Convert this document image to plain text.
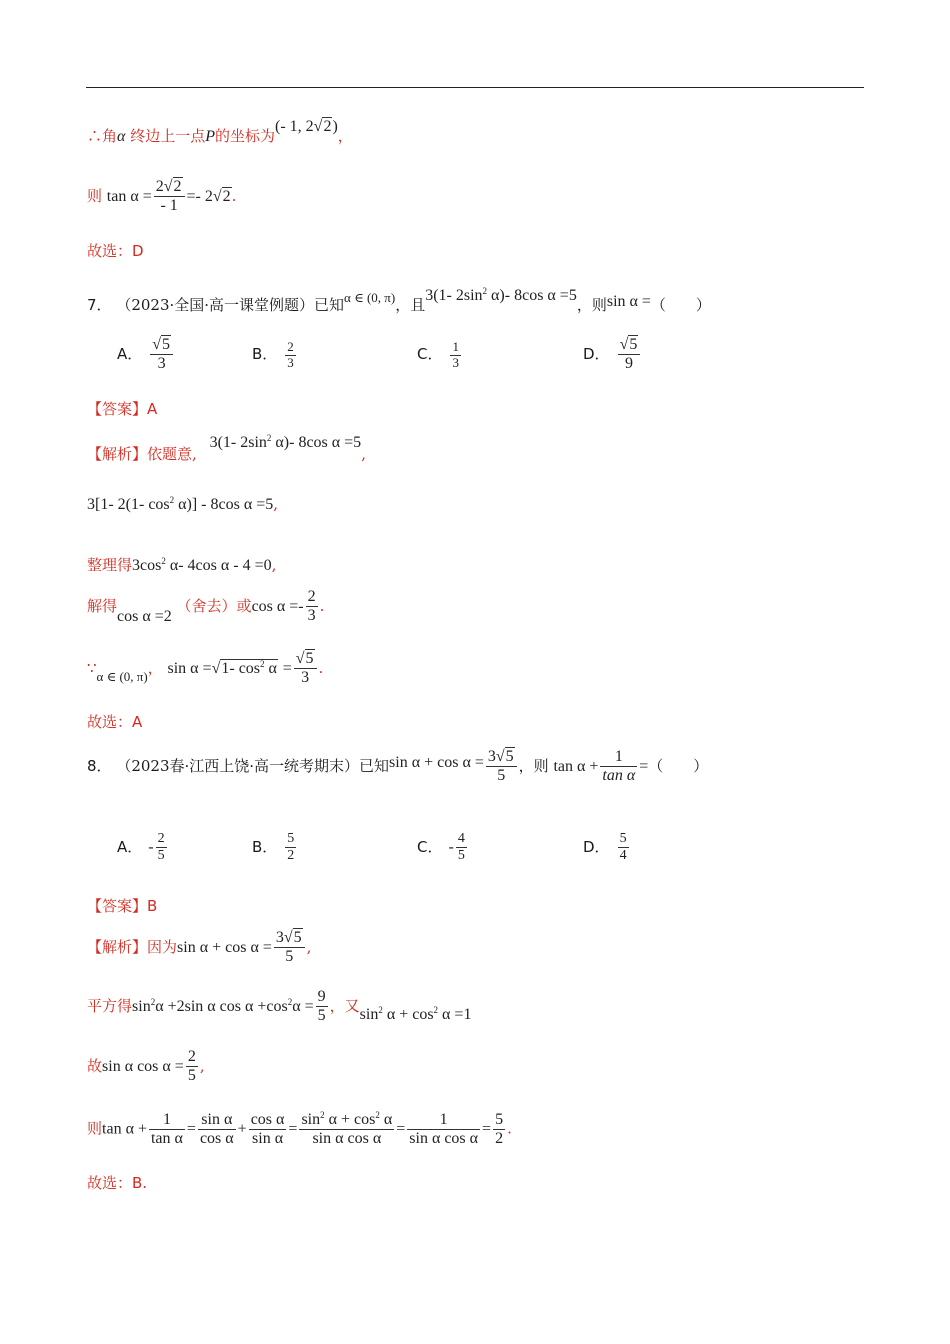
∴角α 终边上一点P的坐标为(- 1, 2√2)，
则 $\tan \alpha = \frac{2√2}{- 1} =- 2√2$.
故选：D
7． （2023·全国·高一课堂例题）已知α ∈ (0, π)，且3(1- $2\sin^2$ α)- 8cos α =5，则sin α =（　　）
A． $\frac{√5}{3}$	B． $\frac{2}{3}$	C． $\frac{1}{3}$	D． $\frac{√5}{9}$
【答案】A
【解析】依题意, 3(1- $2\sin^2$ α)- 8cos α =5,
3[1- 2(1- $\cos^2 \alpha)] - 8\cos$ α =5,
整理得$3\cos^2$ α- 4cos α - 4 =0,
解得cos α =2 （舍去）或$\cos \alpha =- \frac{2}{3}$ .
∵α ∈ (0, π)， sin α =√1- $\cos^2 \alpha = \frac{√5}{3}$ .
故选：A
8． （2023春·江西上饶·高一统考期末）已知$\sin \alpha + \cos \alpha = \frac{3√5}{5}$ ，则 $\tan \alpha + \frac{1}{\text{tan α}}$ =（　　）
A． - $\frac{2}{5}$	B． $\frac{5}{2}$	C． - $\frac{4}{5}$	D． $\frac{5}{4}$
【答案】B
【解析】因为$\sin \alpha + \cos \alpha = \frac{3√5}{5}$ ,
平方得$\sin^2\alpha +2\sin$ α $\cos \alpha +\cos^2\alpha = \frac{9}{5}$ ，又$\sin^2 \alpha + \cos^2 \alpha =1$
故sin α $\cos \alpha = \frac{2}{5}$ ,
则$\tan \alpha + \frac{1}{\text{tan α}} = \frac{\text{sin α}}{\text{cos α}} + \frac{\text{cos α}}{\text{sin α}} = \frac{\sin^2 \alpha + \cos^2 \alpha}{\text{sin α cos α}} = \frac{1}{\text{sin α cos α}} = \frac{5}{2}$ .
故选：B.
